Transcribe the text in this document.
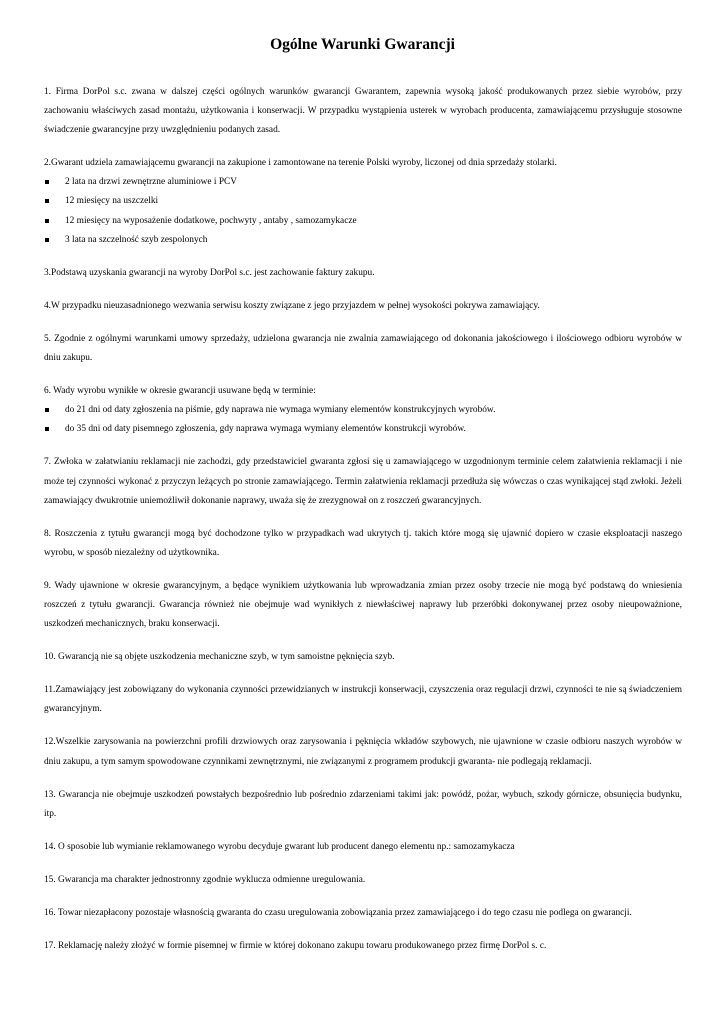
Ogólne Warunki Gwarancji

1. Firma DorPol s.c. zwana w dalszej części ogólnych warunków gwarancji Gwarantem, zapewnia wysoką jakość produkowanych przez siebie wyrobów, przy zachowaniu właściwych zasad montażu, użytkowania i konserwacji. W przypadku wystąpienia usterek w wyrobach producenta, zamawiającemu przysługuje stosowne świadczenie gwarancyjne przy uwzględnieniu podanych zasad.

2.Gwarant udziela zamawiającemu gwarancji na zakupione i zamontowane na terenie Polski wyroby, liczonej od dnia sprzedaży stolarki.

2 lata na drzwi zewnętrzne aluminiowe i PCV
12 miesięcy na uszczelki
12 miesięcy na wyposażenie dodatkowe, pochwyty , antaby , samozamykacze
3 lata na szczelność szyb zespolonych

3.Podstawą uzyskania gwarancji na wyroby DorPol s.c. jest zachowanie faktury zakupu.

4.W przypadku nieuzasadnionego wezwania serwisu koszty związane z jego przyjazdem w pełnej wysokości pokrywa zamawiający.

5. Zgodnie z ogólnymi warunkami umowy sprzedaży, udzielona gwarancja nie zwalnia zamawiającego od dokonania jakościowego i ilościowego odbioru wyrobów w dniu zakupu.

6. Wady wyrobu wynikłe w okresie gwarancji usuwane będą w terminie:

do 21 dni od daty zgłoszenia na piśmie, gdy naprawa nie wymaga wymiany elementów konstrukcyjnych wyrobów.
do 35 dni od daty pisemnego zgłoszenia, gdy naprawa wymaga wymiany elementów konstrukcji wyrobów.

7. Zwłoka w załatwianiu reklamacji nie zachodzi, gdy przedstawiciel gwaranta zgłosi się u zamawiającego w uzgodnionym terminie celem załatwienia reklamacji i nie może tej czynności wykonać z przyczyn leżących po stronie zamawiającego. Termin załatwienia reklamacji przedłuża się wówczas o czas wynikającej stąd zwłoki. Jeżeli zamawiający dwukrotnie uniemożliwił dokonanie naprawy, uważa się że zrezygnował on z roszczeń gwarancyjnych.

8. Roszczenia z tytułu gwarancji mogą być dochodzone tylko w przypadkach wad ukrytych tj. takich które mogą się ujawnić dopiero w czasie eksploatacji naszego wyrobu, w sposób niezależny od użytkownika.

9. Wady ujawnione w okresie gwarancyjnym, a będące wynikiem użytkowania lub wprowadzania zmian przez osoby trzecie nie mogą być podstawą do wniesienia roszczeń z tytułu gwarancji. Gwarancja również nie obejmuje wad wynikłych z niewłaściwej naprawy lub przeróbki dokonywanej przez osoby nieupoważnione, uszkodzeń mechanicznych, braku konserwacji.

10. Gwarancją nie są objęte uszkodzenia mechaniczne szyb, w tym samoistne pęknięcia szyb.

11.Zamawiający jest zobowiązany do wykonania czynności przewidzianych w instrukcji konserwacji, czyszczenia oraz regulacji drzwi, czynności te nie są świadczeniem gwarancyjnym.

12.Wszelkie zarysowania na powierzchni profili drzwiowych oraz zarysowania i pęknięcia wkładów szybowych, nie ujawnione w czasie odbioru naszych wyrobów w dniu zakupu, a tym samym spowodowane czynnikami zewnętrznymi, nie związanymi z programem produkcji gwaranta- nie podlegają reklamacji.

13. Gwarancja nie obejmuje uszkodzeń powstałych bezpośrednio lub pośrednio zdarzeniami takimi jak: powódź, pożar, wybuch, szkody górnicze, obsunięcia budynku, itp.

14. O sposobie lub wymianie reklamowanego wyrobu decyduje gwarant lub producent danego elementu np.: samozamykacza

15. Gwarancja ma charakter jednostronny zgodnie wyklucza odmienne uregulowania.

16. Towar niezapłacony pozostaje własnością gwaranta do czasu uregulowania zobowiązania przez zamawiającego i do tego czasu nie podlega on gwarancji.

17. Reklamację należy złożyć w formie pisemnej w firmie w której dokonano zakupu towaru produkowanego przez firmę DorPol s. c.
